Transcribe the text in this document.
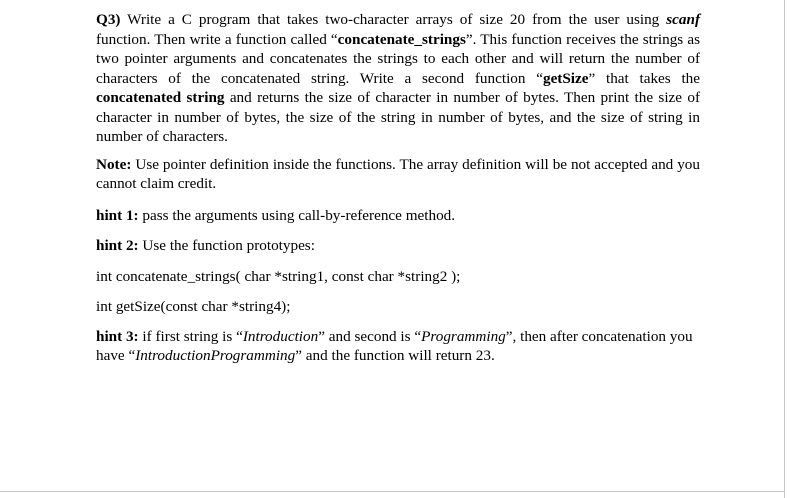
Q3) Write a C program that takes two-character arrays of size 20 from the user using scanf function. Then write a function called “concatenate_strings”. This function receives the strings as two pointer arguments and concatenates the strings to each other and will return the number of characters of the concatenated string. Write a second function “getSize” that takes the concatenated string and returns the size of character in number of bytes. Then print the size of character in number of bytes, the size of the string in number of bytes, and the size of string in number of characters.

Note: Use pointer definition inside the functions. The array definition will be not accepted and you cannot claim credit.

hint 1: pass the arguments using call-by-reference method.

hint 2: Use the function prototypes:

int concatenate_strings( char *string1, const char *string2 );

int getSize(const char *string4);

hint 3: if first string is “Introduction” and second is “Programming”, then after concatenation you have “IntroductionProgramming” and the function will return 23.
